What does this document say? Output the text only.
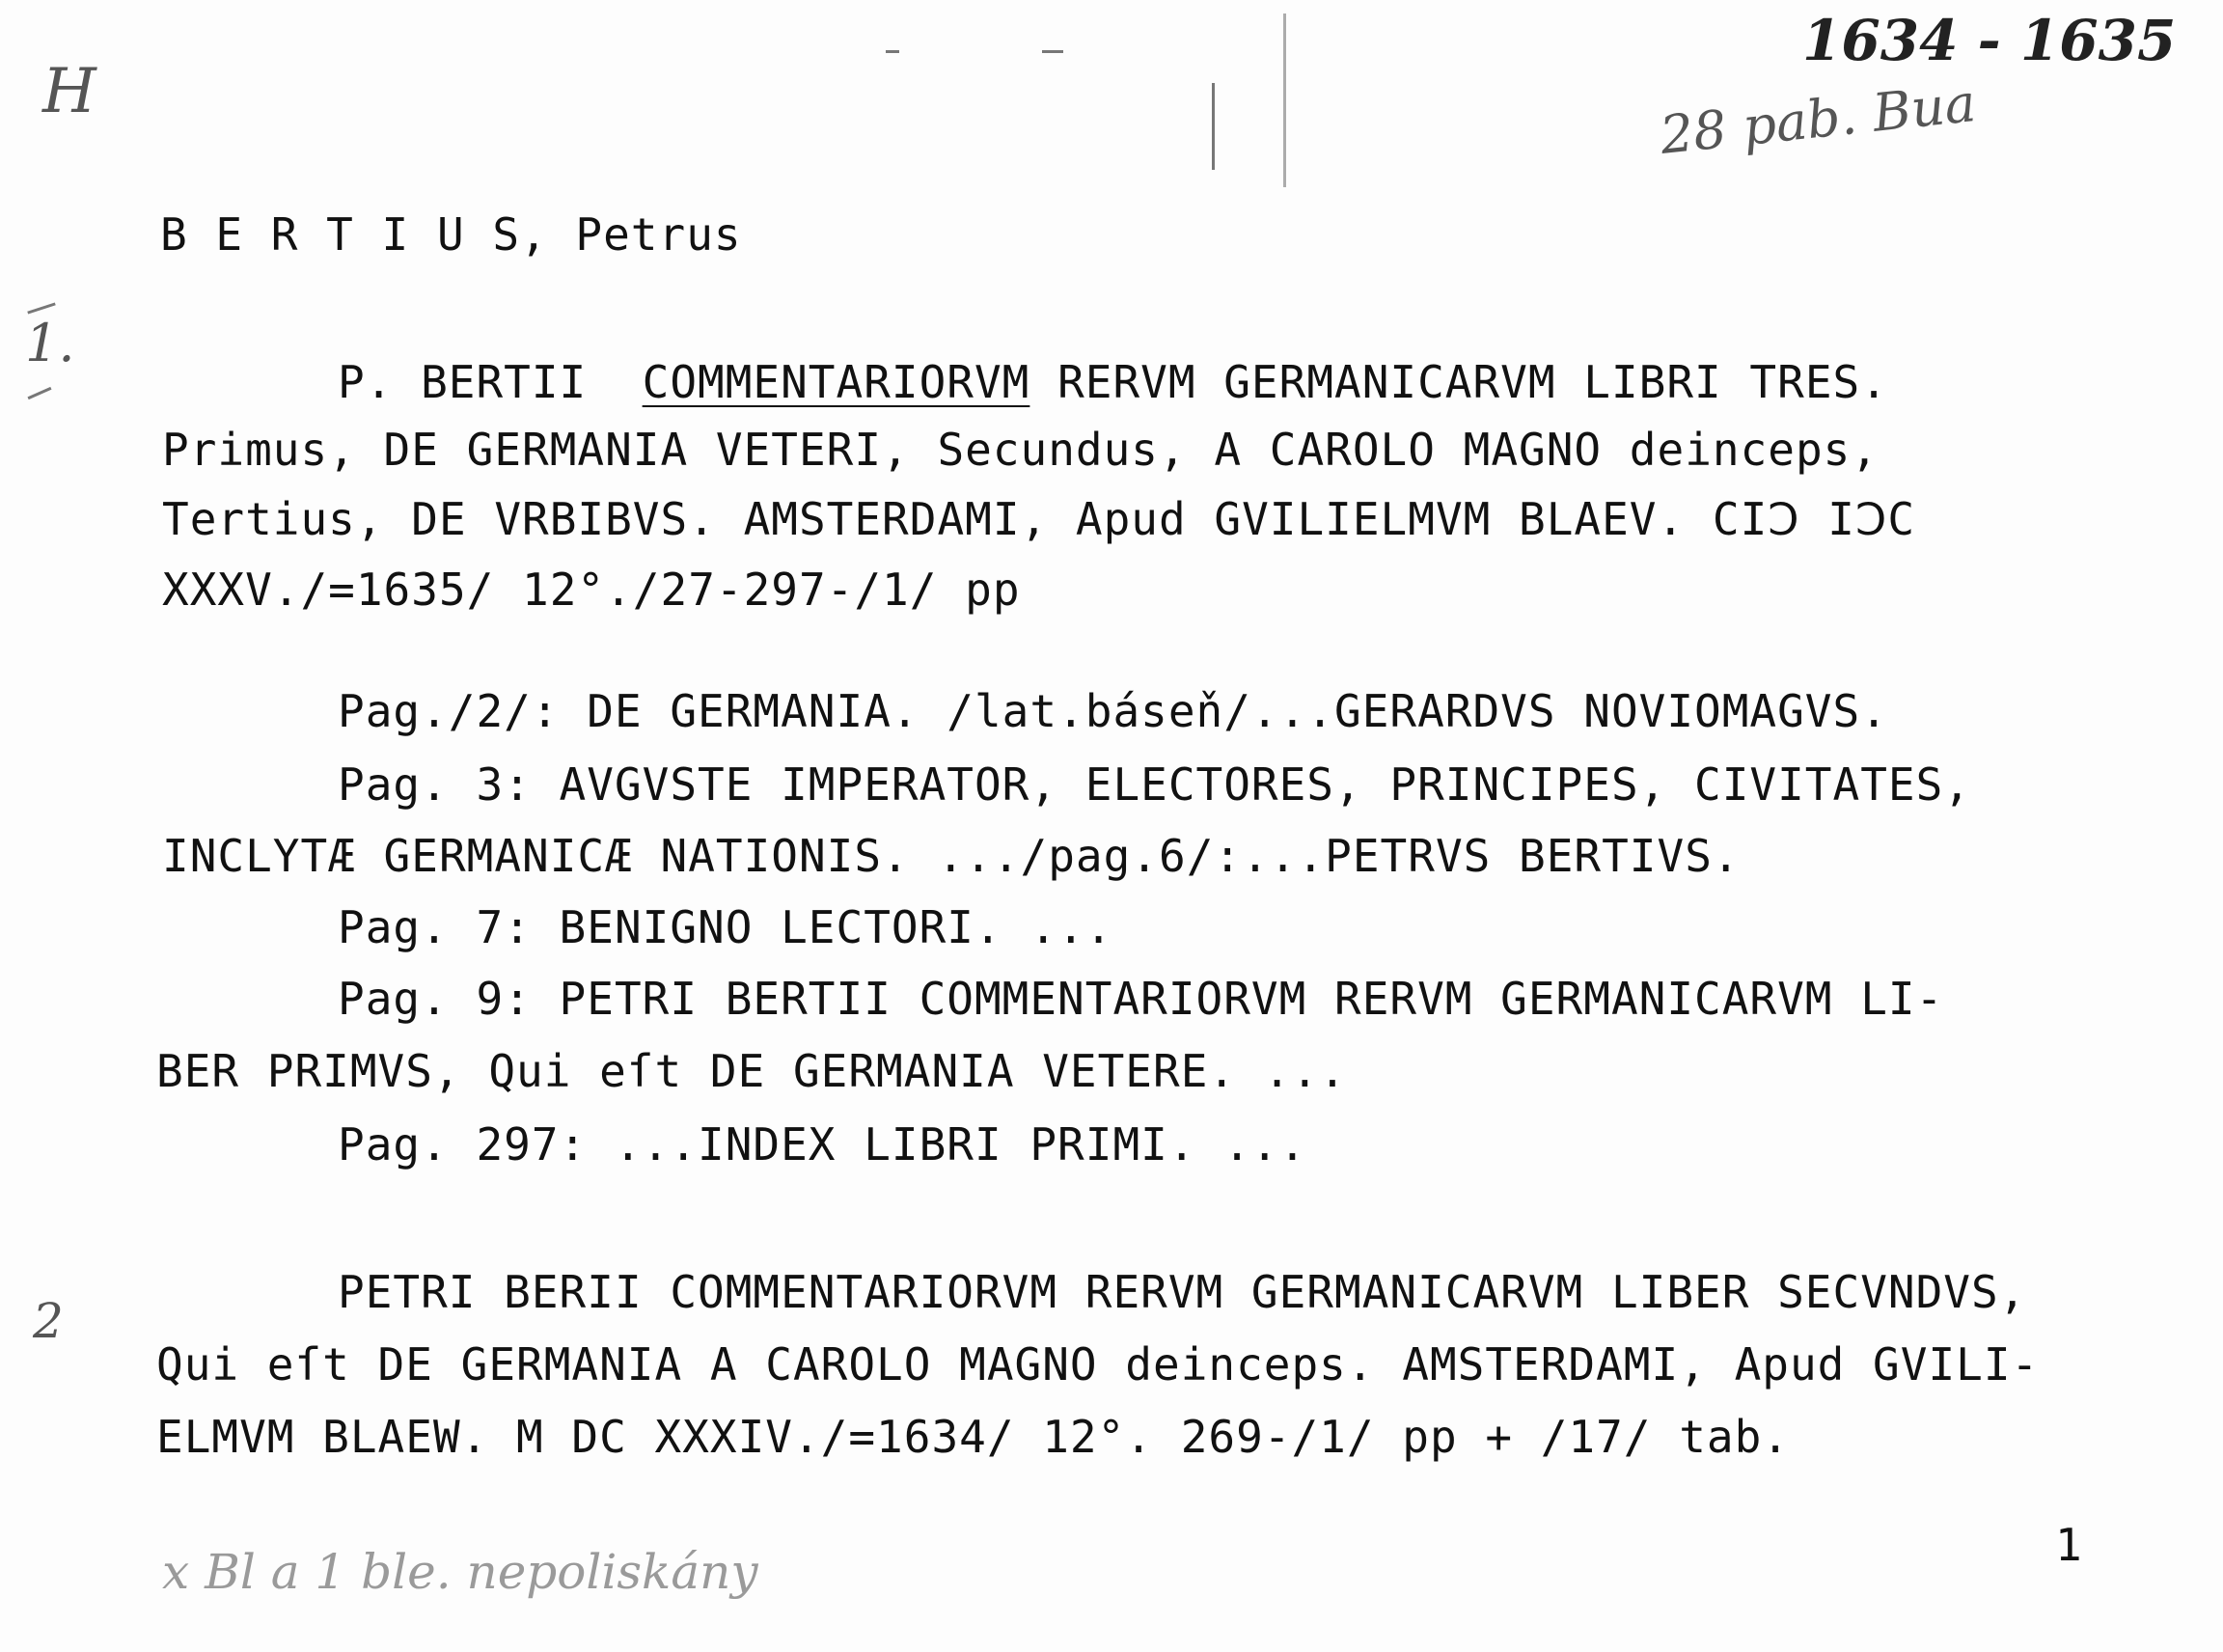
H
1634 - 1635
28 pab. Bua
1.
2
x Bl a 1 ble. nepoliskány	1
B E R T I U S, Petrus
P. BERTII  COMMENTARIORVM RERVM GERMANICARVM LIBRI TRES.
Primus, DE GERMANIA VETERI, Secundus, A CAROLO MAGNO deinceps,
Tertius, DE VRBIBVS. AMSTERDAMI, Apud GVILIELMVM BLAEV. CIↃ IↃC
XXXV./=1635/ 12°./27-297-/1/ pp
Pag./2/: DE GERMANIA. /lat.báseň/...GERARDVS NOVIOMAGVS.
Pag. 3: AVGVSTE IMPERATOR, ELECTORES, PRINCIPES, CIVITATES,
INCLYTÆ GERMANICÆ NATIONIS. .../pag.6/:...PETRVS BERTIVS.
Pag. 7: BENIGNO LECTORI. ...
Pag. 9: PETRI BERTII COMMENTARIORVM RERVM GERMANICARVM LI-
BER PRIMVS, Qui eſt DE GERMANIA VETERE. ...
Pag. 297: ...INDEX LIBRI PRIMI. ...
PETRI BERII COMMENTARIORVM RERVM GERMANICARVM LIBER SECVNDVS,
Qui eſt DE GERMANIA A CAROLO MAGNO deinceps. AMSTERDAMI, Apud GVILI-
ELMVM BLAEW. M DC XXXIV./=1634/ 12°. 269-/1/ pp + /17/ tab.
